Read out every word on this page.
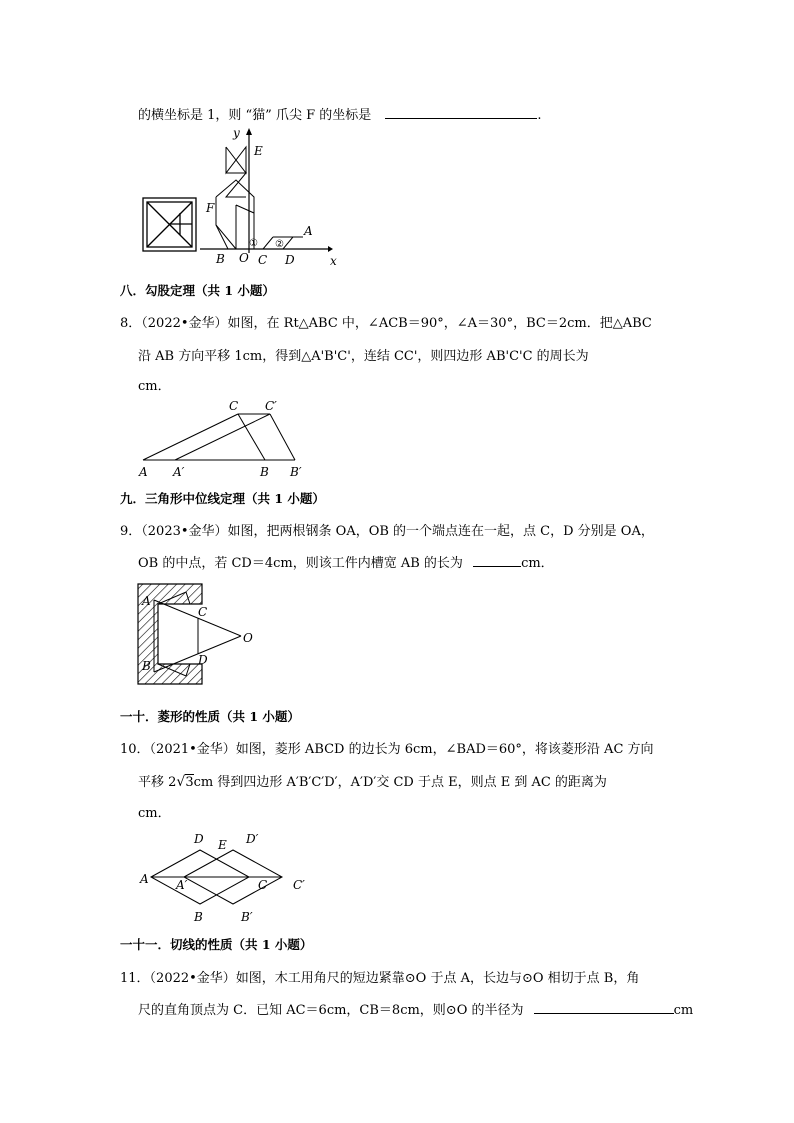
的横坐标是 1，则 “猫” 爪尖 F 的坐标是	.
y
x
E
F
B O C D
A
① ②
八．勾股定理（共 1 小题）
8．（2022•金华）如图，在 Rt△ABC 中，∠ACB＝90°，∠A＝30°，BC＝2cm．把△ABC
沿 AB 方向平移 1cm，得到△A'B'C'，连结 CC'，则四边形 AB'C'C 的周长为
cm．
A A′	B B′
C C′
九．三角形中位线定理（共 1 小题）
9．（2023•金华）如图，把两根钢条 OA，OB 的一个端点连在一起，点 C，D 分别是 OA，
OB 的中点，若 CD＝4cm，则该工件内槽宽 AB 的长为	cm．
A
B
C
D
O
一十．菱形的性质（共 1 小题）
10．（2021•金华）如图，菱形 ABCD 的边长为 6cm，∠BAD＝60°，将该菱形沿 AC 方向
平移 2√3cm 得到四边形 A′B′C′D′，A′D′交 CD 于点 E，则点 E 到 AC 的距离为
cm．
A A′
B	B′
C C′
D	D′
E
一十一．切线的性质（共 1 小题）
11．（2022•金华）如图，木工用角尺的短边紧靠⊙O 于点 A，长边与⊙O 相切于点 B，角
尺的直角顶点为 C．已知 AC＝6cm，CB＝8cm，则⊙O 的半径为	cm
